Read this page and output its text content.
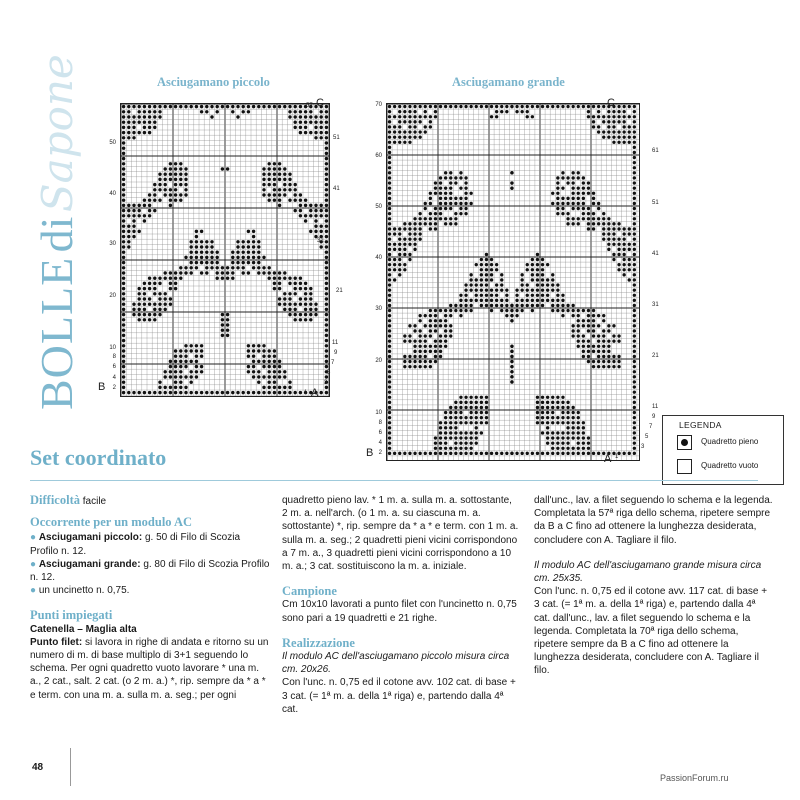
BOLLE di Sapone	Asciugamano piccolo
50
40
30
20
10
8
6
4
2
57
51
41
31
21
11
9
7
5
3
1
B
C
A
Asciugamano grande
70
60
50
40
30
20
10
8
6
4
2
61
51
41
31
21
11
9
7
5
3
1
B
C
A
LEGENDA
Quadretto pieno
Quadretto vuoto
Set coordinato

Difficoltà facile

Occorrente per un modulo AC

● Asciugamani piccolo: g. 50 di Filo di Scozia Profilo n. 12.

● Asciugamani grande: g. 80 di Filo di Scozia Profilo n. 12.

● un uncinetto n. 0,75.

Punti impiegati

Catenella – Maglia alta

Punto filet: si lavora in righe di andata e ritorno su un numero di m. di base multiplo di 3+1 seguendo lo schema. Per ogni quadretto vuoto lavorare * una m. a., 2 cat., salt. 2 cat. (o 2 m. a.) *, rip. sempre da * a * e term. con una m. a. sulla m. a. seg.; per ogni

quadretto pieno lav. * 1 m. a. sulla m. a. sottostante, 2 m. a. nell'arch. (o 1 m. a. su ciascuna m. a. sottostante) *, rip. sempre da * a * e term. con 1 m. a. sulla m. a. seg.; 2 quadretti pieni vicini corrispondono a 7 m. a., 3 quadretti pieni vicini corrispondono a 10 m. a.; 3 cat. sostituiscono la m. a. iniziale.

Campione

Cm 10x10 lavorati a punto filet con l'uncinetto n. 0,75 sono pari a 19 quadretti e 21 righe.

Realizzazione

Il modulo AC dell'asciugamano piccolo misura circa cm. 20x26.

Con l'unc. n. 0,75 ed il cotone avv. 102 cat. di base + 3 cat. (= 1ª m. a. della 1ª riga) e, partendo dalla 4ª cat.

dall'unc., lav. a filet seguendo lo schema e la legenda. Completata la 57ª riga dello schema, ripetere sempre da B a C fino ad ottenere la lunghezza desiderata, concludere con A. Tagliare il filo.

Il modulo AC dell'asciugamano grande misura circa cm. 25x35.

Con l'unc. n. 0,75 ed il cotone avv. 117 cat. di base + 3 cat. (= 1ª m. a. della 1ª riga) e, partendo dalla 4ª cat. dall'unc., lav. a filet seguendo lo schema e la legenda. Completata la 70ª riga dello schema, ripetere sempre da B a C fino ad ottenere la lunghezza desiderata, concludere con A. Tagliare il filo.

48
PassionForum.ru
